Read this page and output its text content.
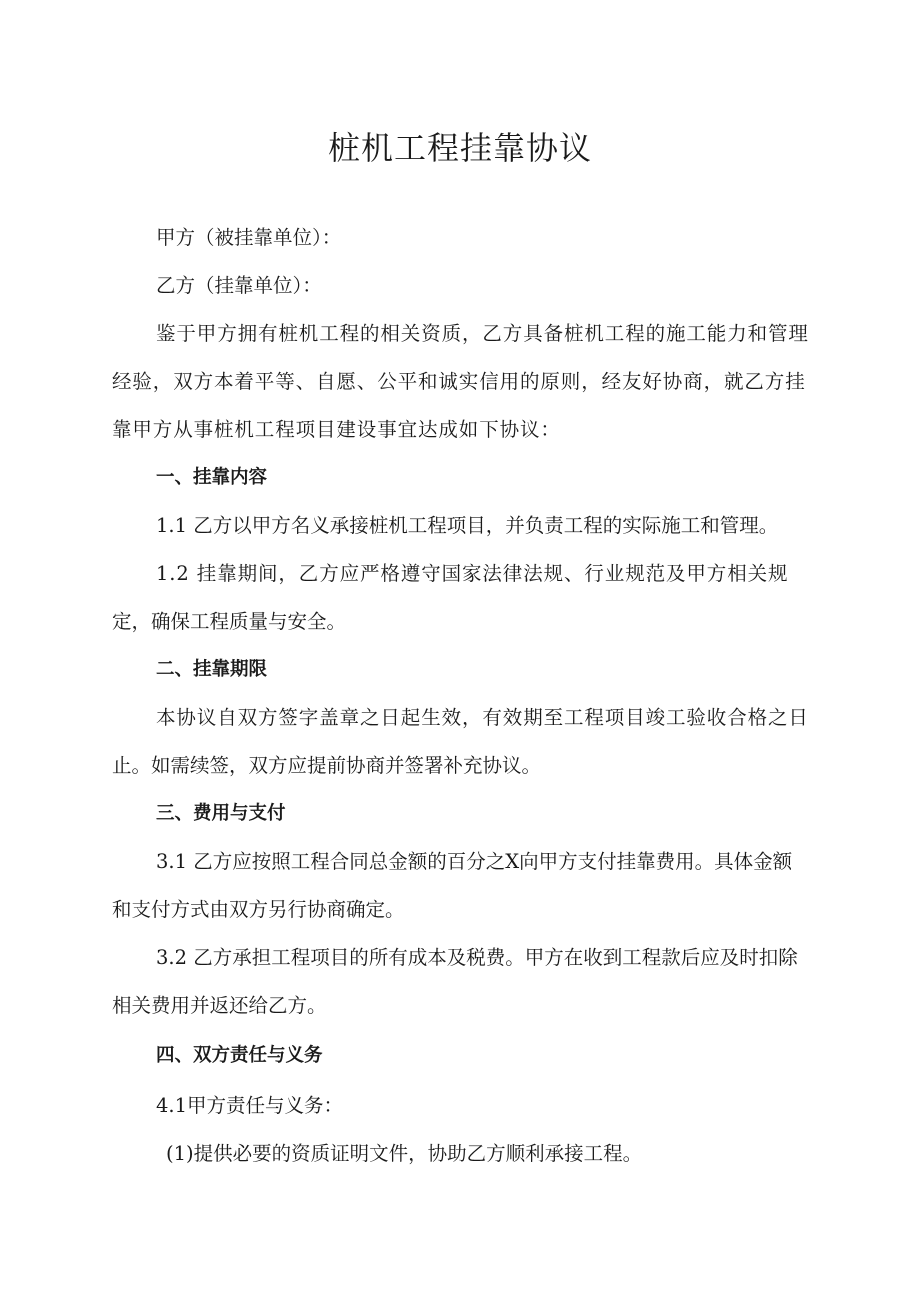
桩机工程挂靠协议

甲方（被挂靠单位）：

乙方（挂靠单位）：

鉴于甲方拥有桩机工程的相关资质，乙方具备桩机工程的施工能力和管理

经验，双方本着平等、自愿、公平和诚实信用的原则，经友好协商，就乙方挂

靠甲方从事桩机工程项目建设事宜达成如下协议：

一、挂靠内容

1.1 乙方以甲方名义承接桩机工程项目，并负责工程的实际施工和管理。

1.2 挂靠期间，乙方应严格遵守国家法律法规、行业规范及甲方相关规

定，确保工程质量与安全。

二、挂靠期限

本协议自双方签字盖章之日起生效，有效期至工程项目竣工验收合格之日

止。如需续签，双方应提前协商并签署补充协议。

三、费用与支付

3.1 乙方应按照工程合同总金额的百分之X向甲方支付挂靠费用。具体金额

和支付方式由双方另行协商确定。

3.2 乙方承担工程项目的所有成本及税费。甲方在收到工程款后应及时扣除

相关费用并返还给乙方。

四、双方责任与义务

4.1甲方责任与义务：

(1)提供必要的资质证明文件，协助乙方顺利承接工程。
